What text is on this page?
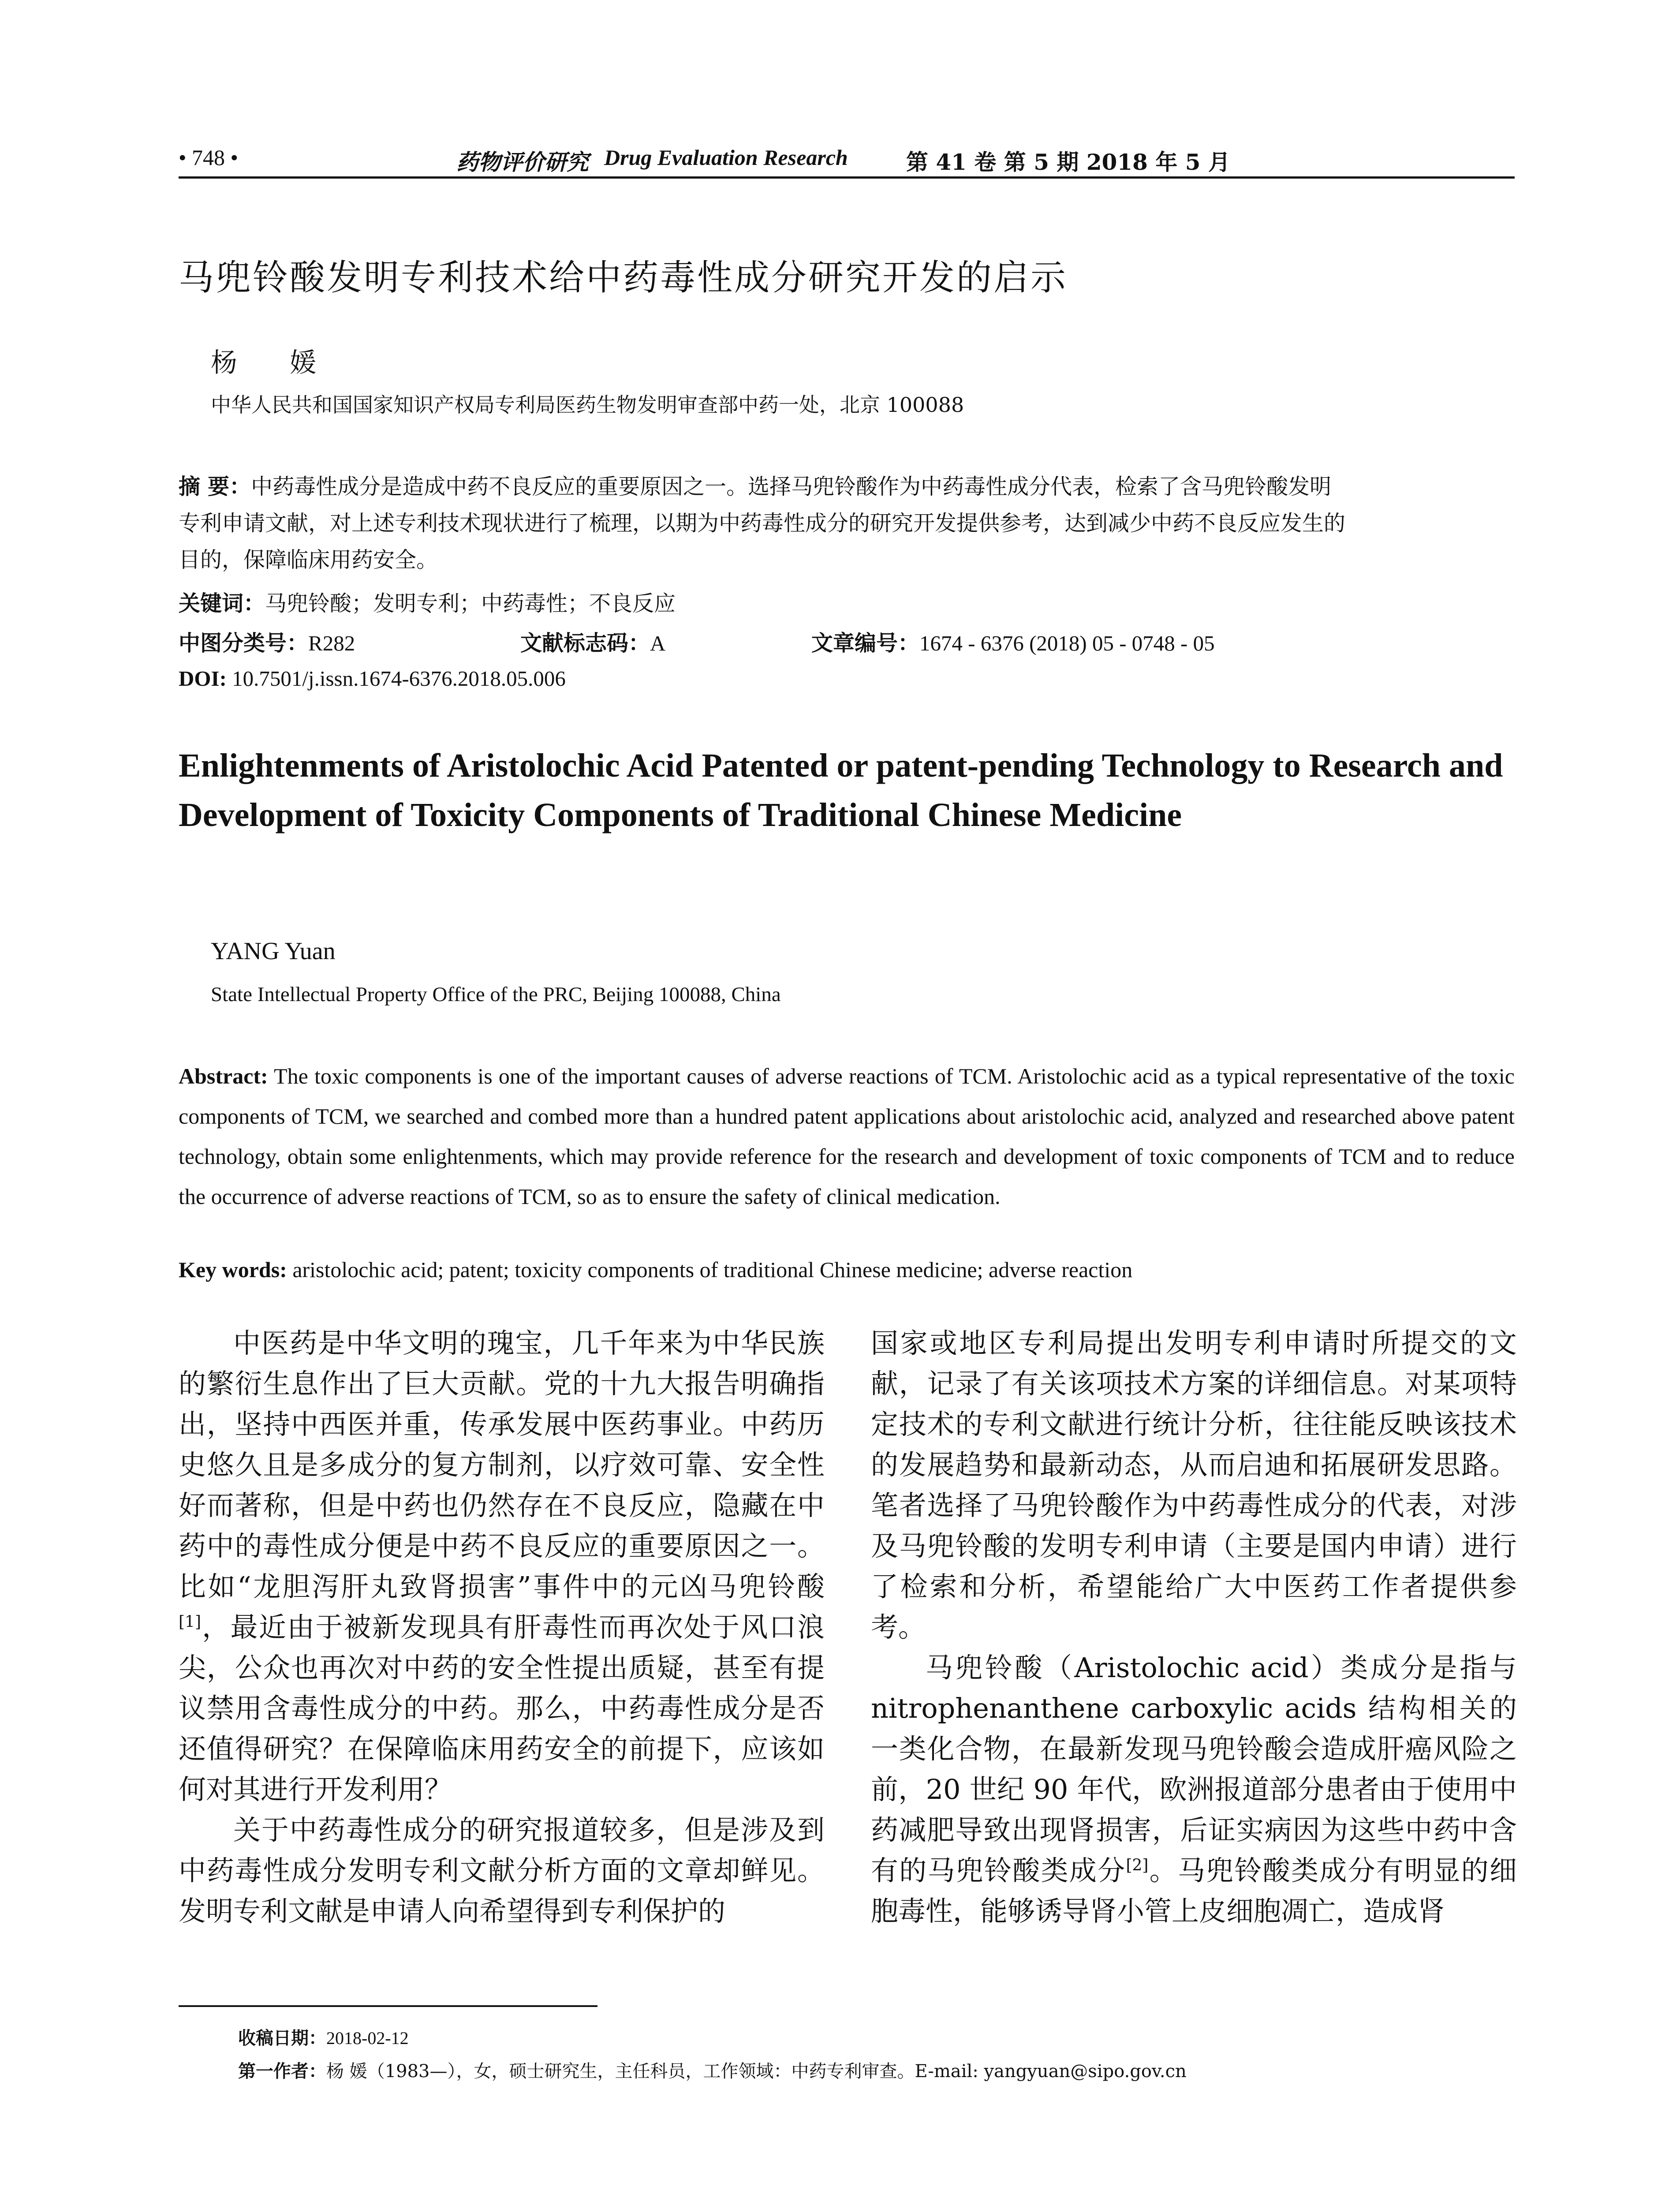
• 748 •	药物评价研究 Drug Evaluation Research	第 41 卷 第 5 期 2018 年 5 月
马兜铃酸发明专利技术给中药毒性成分研究开发的启示
杨 媛
中华人民共和国国家知识产权局专利局医药生物发明审查部中药一处，北京 100088
摘 要：中药毒性成分是造成中药不良反应的重要原因之一。选择马兜铃酸作为中药毒性成分代表，检索了含马兜铃酸发明
专利申请文献，对上述专利技术现状进行了梳理，以期为中药毒性成分的研究开发提供参考，达到减少中药不良反应发生的
目的，保障临床用药安全。
关键词：马兜铃酸；发明专利；中药毒性；不良反应
中图分类号：R282	文献标志码：A	文章编号：1674 - 6376 (2018) 05 - 0748 - 05
DOI: 10.7501/j.issn.1674-6376.2018.05.006
Enlightenments of Aristolochic Acid Patented or patent-pending Technology to Research and Development of Toxicity Components of Traditional Chinese Medicine
YANG Yuan
State Intellectual Property Office of the PRC, Beijing 100088, China
Abstract: The toxic components is one of the important causes of adverse reactions of TCM. Aristolochic acid as a typical representative of the toxic components of TCM, we searched and combed more than a hundred patent applications about aristolochic acid, analyzed and researched above patent technology, obtain some enlightenments, which may provide reference for the research and development of toxic components of TCM and to reduce the occurrence of adverse reactions of TCM, so as to ensure the safety of clinical medication.
Key words: aristolochic acid; patent; toxicity components of traditional Chinese medicine; adverse reaction

中医药是中华文明的瑰宝，几千年来为中华民族的繁衍生息作出了巨大贡献。党的十九大报告明确指出，坚持中西医并重，传承发展中医药事业。中药历史悠久且是多成分的复方制剂，以疗效可靠、安全性好而著称，但是中药也仍然存在不良反应，隐藏在中药中的毒性成分便是中药不良反应的重要原因之一。比如“龙胆泻肝丸致肾损害”事件中的元凶马兜铃酸[1]，最近由于被新发现具有肝毒性而再次处于风口浪尖，公众也再次对中药的安全性提出质疑，甚至有提议禁用含毒性成分的中药。那么，中药毒性成分是否还值得研究？在保障临床用药安全的前提下，应该如何对其进行开发利用？

关于中药毒性成分的研究报道较多，但是涉及到中药毒性成分发明专利文献分析方面的文章却鲜见。发明专利文献是申请人向希望得到专利保护的

国家或地区专利局提出发明专利申请时所提交的文献，记录了有关该项技术方案的详细信息。对某项特定技术的专利文献进行统计分析，往往能反映该技术的发展趋势和最新动态，从而启迪和拓展研发思路。笔者选择了马兜铃酸作为中药毒性成分的代表，对涉及马兜铃酸的发明专利申请（主要是国内申请）进行了检索和分析，希望能给广大中医药工作者提供参考。

马兜铃酸（Aristolochic acid）类成分是指与 nitrophenanthene carboxylic acids 结构相关的一类化合物，在最新发现马兜铃酸会造成肝癌风险之前，20 世纪 90 年代，欧洲报道部分患者由于使用中药减肥导致出现肾损害，后证实病因为这些中药中含有的马兜铃酸类成分[2]。马兜铃酸类成分有明显的细胞毒性，能够诱导肾小管上皮细胞凋亡，造成肾

收稿日期：2018-02-12
第一作者：杨 媛（1983—），女，硕士研究生，主任科员，工作领域：中药专利审查。E-mail: yangyuan@sipo.gov.cn
